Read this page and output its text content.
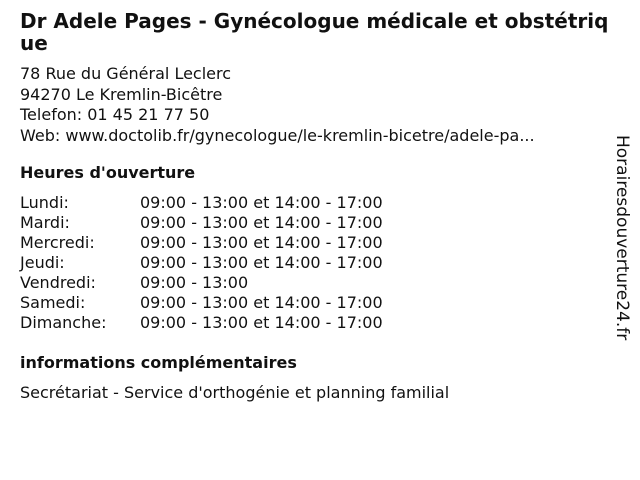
Dr Adele Pages - Gynécologue médicale et obstétrique
78 Rue du Général Leclerc
94270 Le Kremlin-Bicêtre
Telefon: 01 45 21 77 50
Web: www.doctolib.fr/gynecologue/le-kremlin-bicetre/adele-pa...
Heures d'ouverture
Lundi:	09:00 - 13:00 et 14:00 - 17:00
Mardi:	09:00 - 13:00 et 14:00 - 17:00
Mercredi:	09:00 - 13:00 et 14:00 - 17:00
Jeudi:	09:00 - 13:00 et 14:00 - 17:00
Vendredi:	09:00 - 13:00
Samedi:	09:00 - 13:00 et 14:00 - 17:00
Dimanche:	09:00 - 13:00 et 14:00 - 17:00
informations complémentaires
Secrétariat - Service d'orthogénie et planning familial
Horairesdouverture24.fr
